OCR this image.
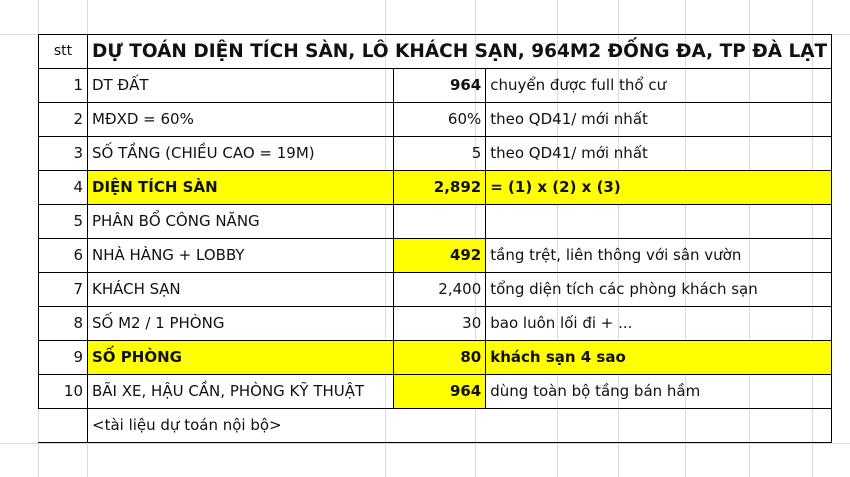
stt	DỰ TOÁN DIỆN TÍCH SÀN, LÔ KHÁCH SẠN, 964M2 ĐỐNG ĐA, TP ĐÀ LẠT		
1	DT ĐẤT	964	chuyển được full thổ cư
2	MĐXD = 60%	60%	theo QD41/ mới nhất
3	SỐ TẦNG (CHIỀU CAO = 19M)	5	theo QD41/ mới nhất
4	DIỆN TÍCH SÀN	2,892	= (1) x (2) x (3)
5	PHÂN BỔ CÔNG NĂNG		
6	NHÀ HÀNG + LOBBY	492	tầng trệt, liên thông với sân vườn
7	KHÁCH SẠN	2,400	tổng diện tích các phòng khách sạn
8	SỐ M2 / 1 PHÒNG	30	bao luôn lối đi + ...
9	SỐ PHÒNG	80	khách sạn 4 sao
10	BÃI XE, HẬU CẦN, PHÒNG KỸ THUẬT	964	dùng toàn bộ tầng bán hầm
	<tài liệu dự toán nội bộ>		
